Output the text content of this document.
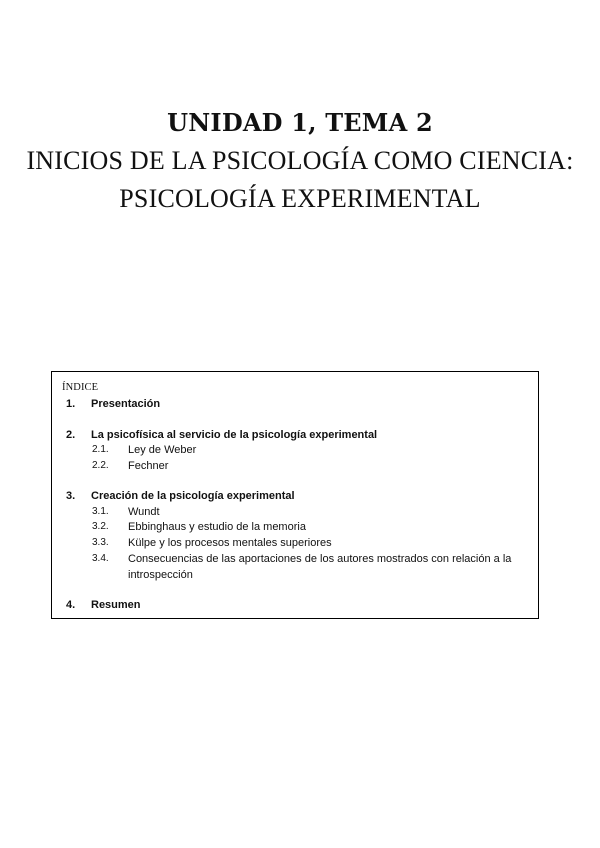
UNIDAD 1, TEMA 2

INICIOS DE LA PSICOLOGÍA COMO CIENCIA:

PSICOLOGÍA EXPERIMENTAL

ÍNDICE
1. Presentación
2. La psicofísica al servicio de la psicología experimental
2.1. Ley de Weber
2.2. Fechner
3. Creación de la psicología experimental
3.1. Wundt
3.2. Ebbinghaus y estudio de la memoria
3.3. Külpe y los procesos mentales superiores
3.4. Consecuencias de las aportaciones de los autores mostrados con relación a la introspección
4. Resumen
